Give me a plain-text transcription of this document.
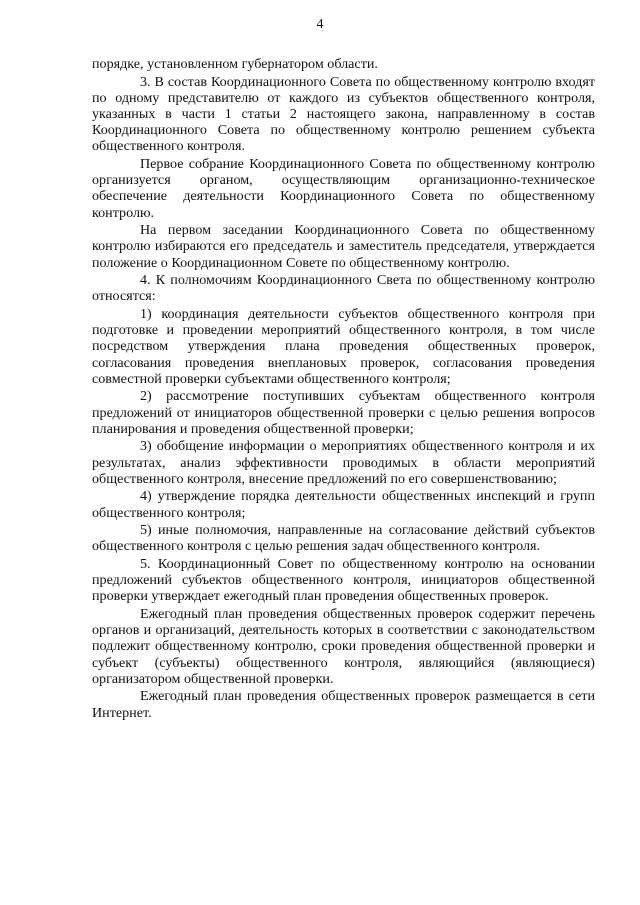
4

порядке, установленном губернатором области.

3. В состав Координационного Совета по общественному контролю входят по одному представителю от каждого из субъектов общественного контроля, указанных в части 1 статьи 2 настоящего закона, направленному в состав Координационного Совета по общественному контролю решением субъекта общественного контроля.

Первое собрание Координационного Совета по общественному контролю организуется органом, осуществляющим организационно-техническое обеспечение деятельности Координационного Совета по общественному контролю.

На первом заседании Координационного Совета по общественному контролю избираются его председатель и заместитель председателя, утверждается положение о Координационном Совете по общественному контролю.

4. К полномочиям Координационного Света по общественному контролю относятся:

1) координация деятельности субъектов общественного контроля при подготовке и проведении мероприятий общественного контроля, в том числе посредством утверждения плана проведения общественных проверок, согласования проведения внеплановых проверок, согласования проведения совместной проверки субъектами общественного контроля;

2) рассмотрение поступивших субъектам общественного контроля предложений от инициаторов общественной проверки с целью решения вопросов планирования и проведения общественной проверки;

3) обобщение информации о мероприятиях общественного контроля и их результатах, анализ эффективности проводимых в области мероприятий общественного контроля, внесение предложений по его совершенствованию;

4) утверждение порядка деятельности общественных инспекций и групп общественного контроля;

5) иные полномочия, направленные на согласование действий субъектов общественного контроля с целью решения задач общественного контроля.

5. Координационный Совет по общественному контролю на основании предложений субъектов общественного контроля, инициаторов общественной проверки утверждает ежегодный план проведения общественных проверок.

Ежегодный план проведения общественных проверок содержит перечень органов и организаций, деятельность которых в соответствии с законодательством подлежит общественному контролю, сроки проведения общественной проверки и субъект (субъекты) общественного контроля, являющийся (являющиеся) организатором общественной проверки.

Ежегодный план проведения общественных проверок размещается в сети Интернет.
